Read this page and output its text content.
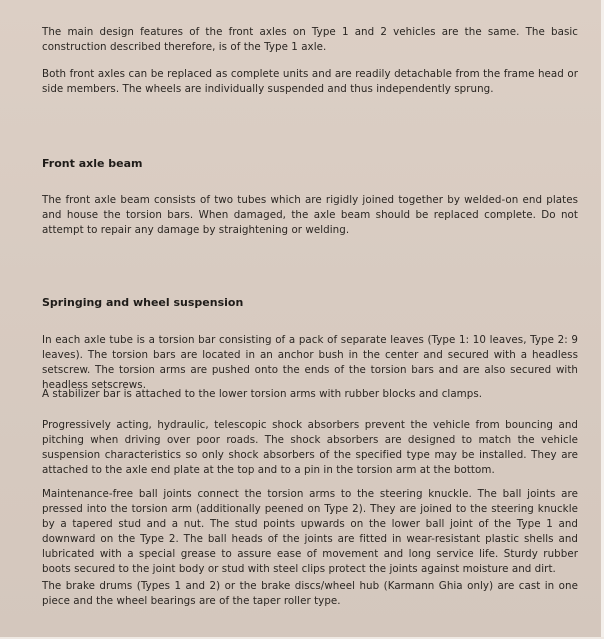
The main design features of the front axles on Type 1 and 2 vehicles are the same. The basic construction described therefore, is of the Type 1 axle.

Both front axles can be replaced as complete units and are readily detachable from the frame head or side members. The wheels are individually suspended and thus independently sprung.

Front axle beam

The front axle beam consists of two tubes which are rigidly joined together by welded-on end plates and house the torsion bars. When damaged, the axle beam should be replaced complete. Do not attempt to repair any damage by straightening or welding.

Springing and wheel suspension

In each axle tube is a torsion bar consisting of a pack of separate leaves (Type 1: 10 leaves, Type 2: 9 leaves). The torsion bars are located in an anchor bush in the center and secured with a headless setscrew. The torsion arms are pushed onto the ends of the torsion bars and are also secured with headless setscrews.

A stabilizer bar is attached to the lower torsion arms with rubber blocks and clamps.

Progressively acting, hydraulic, telescopic shock absorbers prevent the vehicle from bouncing and pitching when driving over poor roads. The shock absorbers are designed to match the vehicle suspension characteristics so only shock absorbers of the specified type may be installed. They are attached to the axle end plate at the top and to a pin in the torsion arm at the bottom.

Maintenance-free ball joints connect the torsion arms to the steering knuckle. The ball joints are pressed into the torsion arm (additionally peened on Type 2). They are joined to the steering knuckle by a tapered stud and a nut. The stud points upwards on the lower ball joint of the Type 1 and downward on the Type 2. The ball heads of the joints are fitted in wear-resistant plastic shells and lubricated with a special grease to assure ease of movement and long service life. Sturdy rubber boots secured to the joint body or stud with steel clips protect the joints against moisture and dirt.

The brake drums (Types 1 and 2) or the brake discs/wheel hub (Karmann Ghia only) are cast in one piece and the wheel bearings are of the taper roller type.
